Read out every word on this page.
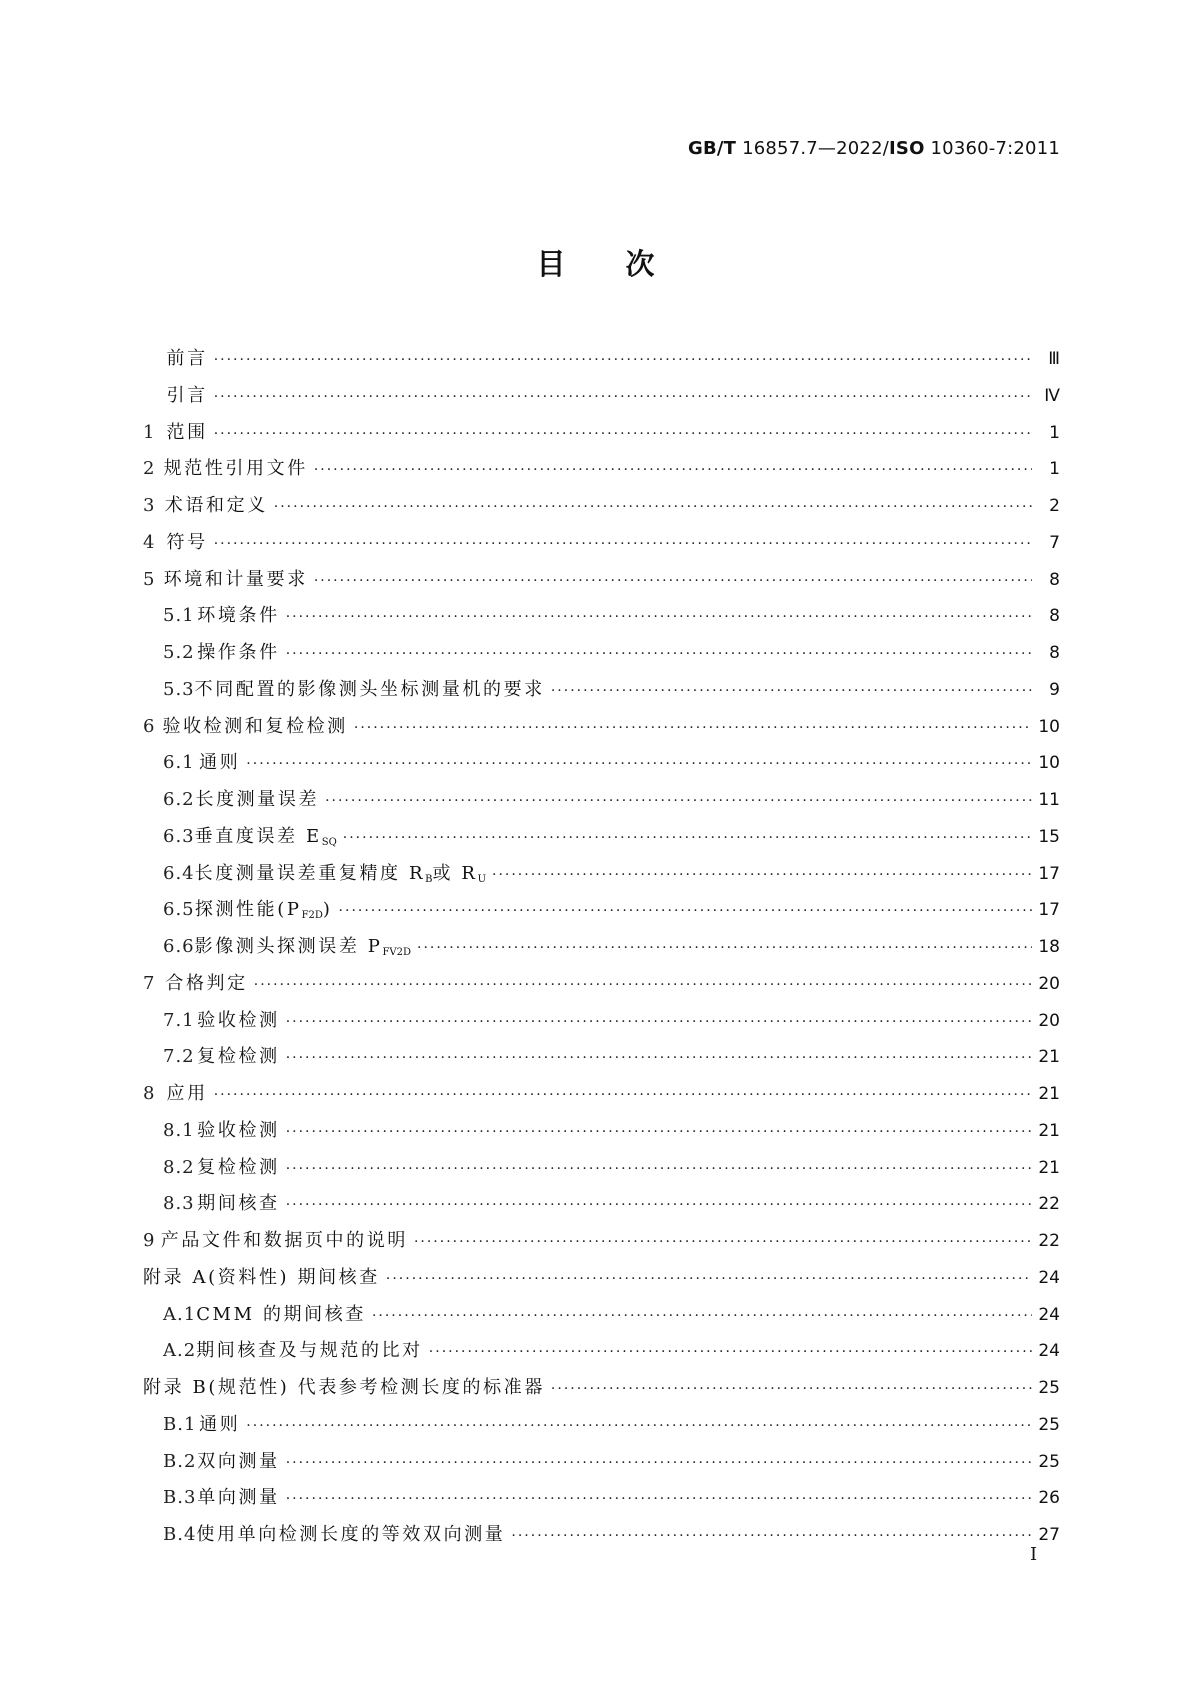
GB/T 16857.7—2022/ISO 10360-7:2011
目次
前言 ·····	Ⅲ
引言 ·····	Ⅳ
1 范围 ·····	1
2 规范性引用文件 ·····	1
3 术语和定义 ·····	2
4 符号 ·····	7
5 环境和计量要求 ·····	8
5.1 环境条件 ·····	8
5.2 操作条件 ·····	8
5.3 不同配置的影像测头坐标测量机的要求 ·····	9
6 验收检测和复检检测 ·····	10
6.1 通则 ·····	10
6.2 长度测量误差 ·····	11
6.3 垂直度误差 $E_{SQ}$ ·····	15
6.4 长度测量误差重复精度 $R_B$或 $R_U$ ·····	17
6.5 探测性能$(P_{F2D})$ ·····	17
6.6 影像测头探测误差 $P_{FV2D}$ ·····	18
7 合格判定 ·····	20
7.1 验收检测 ·····	20
7.2 复检检测 ·····	21
8 应用 ·····	21
8.1 验收检测 ·····	21
8.2 复检检测 ·····	21
8.3 期间核查 ·····	22
9 产品文件和数据页中的说明 ·····	22
附录 A(资料性) 期间核查 ·····	24
A.1 CMM 的期间核查 ·····	24
A.2 期间核查及与规范的比对 ·····	24
附录 B(规范性) 代表参考检测长度的标准器 ·····	25
B.1 通则 ·····	25
B.2 双向测量 ·····	25
B.3 单向测量 ·····	26
B.4 使用单向检测长度的等效双向测量 ·····	27
I
